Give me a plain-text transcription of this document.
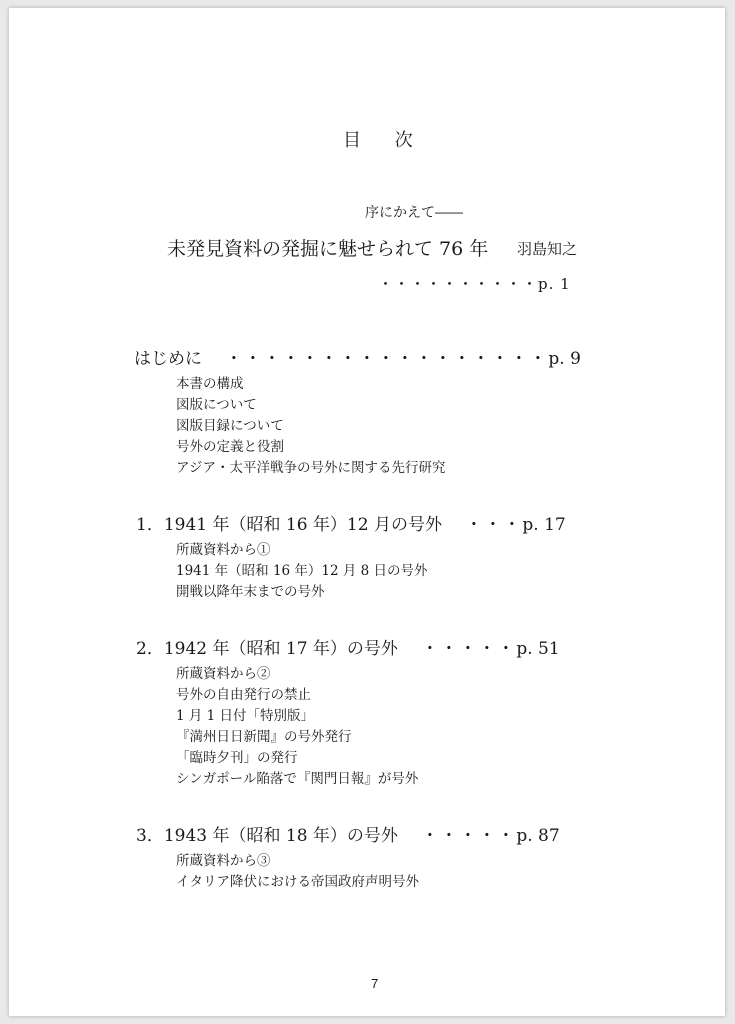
目 次
序にかえて――
未発見資料の発掘に魅せられて 76 年 羽島知之
・・・・・・・・・・p. 1
はじめに ・・・・・・・・・・・・・・・・・p. 9
本書の構成
図版について
図版目録について
号外の定義と役割
アジア・太平洋戦争の号外に関する先行研究
1．1941 年（昭和 16 年）12 月の号外 ・・・p. 17
所蔵資料から①
1941 年（昭和 16 年）12 月 8 日の号外
開戦以降年末までの号外
2．1942 年（昭和 17 年）の号外 ・・・・・p. 51
所蔵資料から②
号外の自由発行の禁止
1 月 1 日付「特別版」
『満州日日新聞』の号外発行
「臨時夕刊」の発行
シンガポール陥落で『関門日報』が号外
3．1943 年（昭和 18 年）の号外 ・・・・・p. 87
所蔵資料から③
イタリア降伏における帝国政府声明号外
7
